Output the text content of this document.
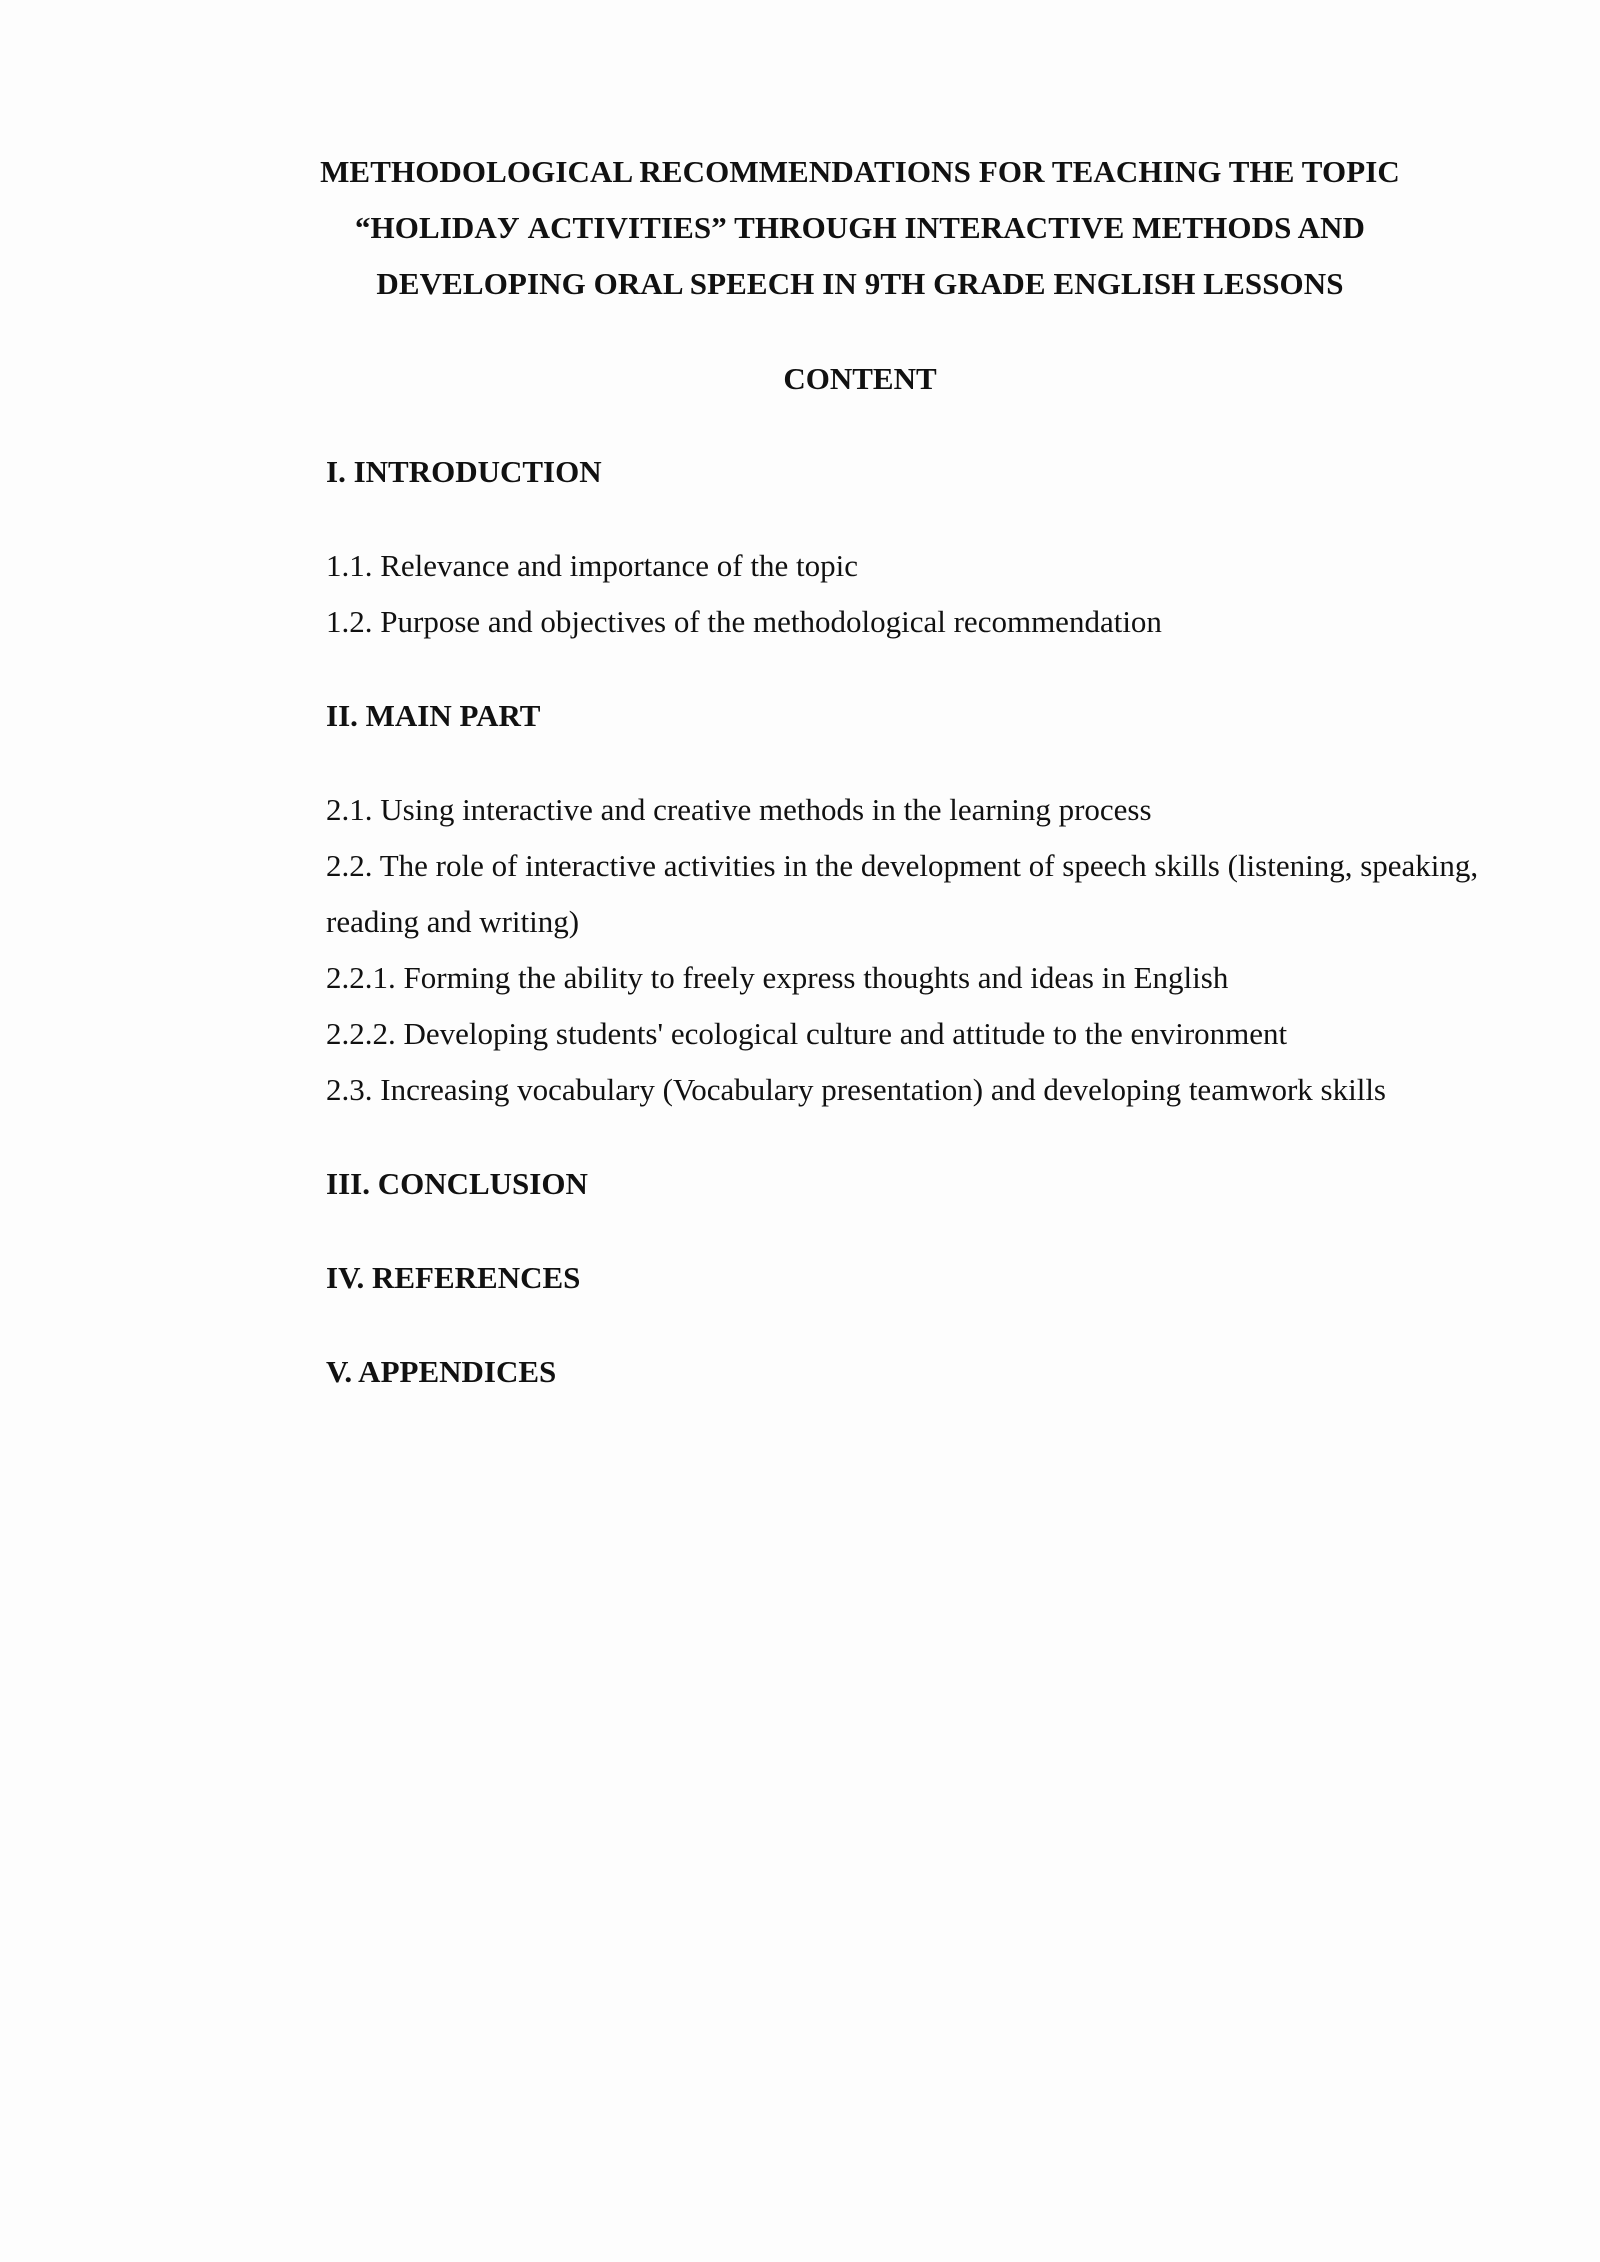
METHODOLOGICAL RECOMMENDATIONS FOR TEACHING THE TOPIC
“HOLIDAУ ACTIVITIES” THROUGH INTERACTIVE METHODS AND
DEVELOPING ORAL SPEECH IN 9TH GRADE ENGLISH LESSONS
CONTENT

I. INTRODUCTION

1.1. Relevance and importance of the topic

1.2. Purpose and objectives of the methodological recommendation

II. MAIN PART

2.1. Using interactive and creative methods in the learning process

2.2. The role of interactive activities in the development of speech skills (listening, speaking, reading and writing)

2.2.1. Forming the ability to freely express thoughts and ideas in English

2.2.2. Developing students' ecological culture and attitude to the environment

2.3. Increasing vocabulary (Vocabulary presentation) and developing teamwork skills

III. CONCLUSION

IV. REFERENCES

V. APPENDICES
